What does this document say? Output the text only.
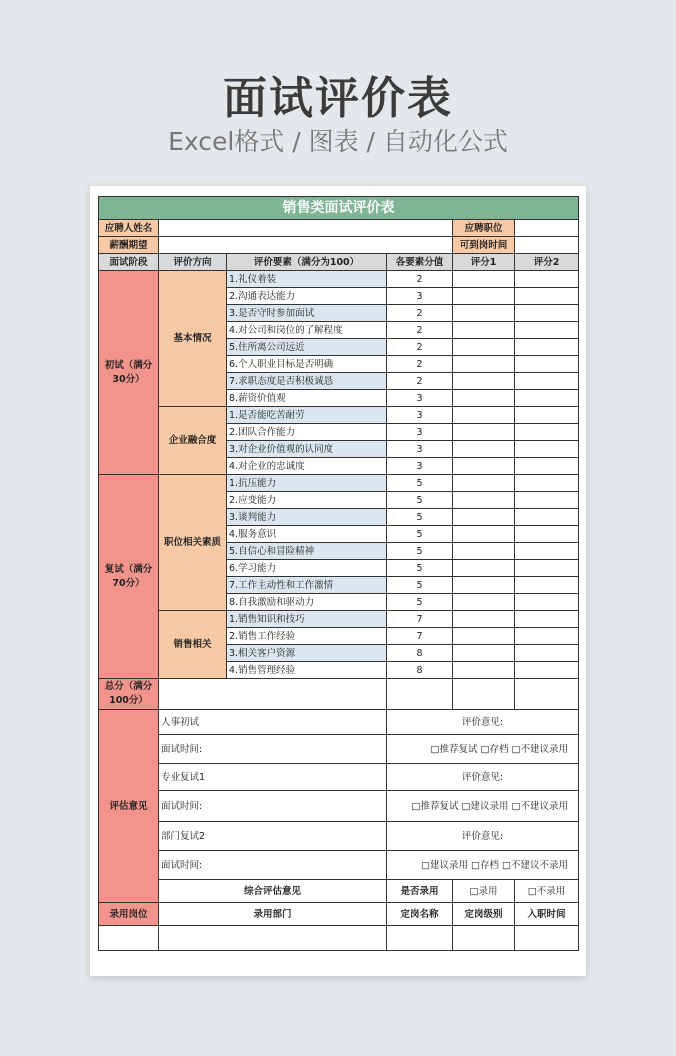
面试评价表
Excel格式 / 图表 / 自动化公式
销售类面试评价表					
应聘人姓名				应聘职位	
薪酬期望				可到岗时间	
面试阶段	评价方向	评价要素（满分为100）	各要素分值	评分1	评分2
初试（满分30分）	基本情况	1.礼仪着装	2		
		2.沟通表达能力	3		
		3.是否守时参加面试	2		
		4.对公司和岗位的了解程度	2		
		5.住所离公司远近	2		
		6.个人职业目标是否明确	2		
		7.求职态度是否积极诚恳	2		
		8.薪资价值观	3		
	企业融合度	1.是否能吃苦耐劳	3		
		2.团队合作能力	3		
		3.对企业价值观的认同度	3		
		4.对企业的忠诚度	3		
复试（满分70分）	职位相关素质	1.抗压能力	5		
		2.应变能力	5		
		3.谈判能力	5		
		4.服务意识	5		
		5.自信心和冒险精神	5		
		6.学习能力	5		
		7.工作主动性和工作激情	5		
		8.自我激励和驱动力	5		
	销售相关	1.销售知识和技巧	7		
		2.销售工作经验	7		
		3.相关客户资源	8		
		4.销售管理经验	8		
总分（满分100分）					
评估意见	人事初试		评价意见:		
	面试时间:		□推荐复试 □存档 □不建议录用		
	专业复试1		评价意见:		
	面试时间:		□推荐复试 □建议录用 □不建议录用		
	部门复试2		评价意见:		
	面试时间:		□建议录用 □存档 □不建议不录用		
	综合评估意见		是否录用	□录用	□不录用
录用岗位	录用部门		定岗名称	定岗级别	入职时间
